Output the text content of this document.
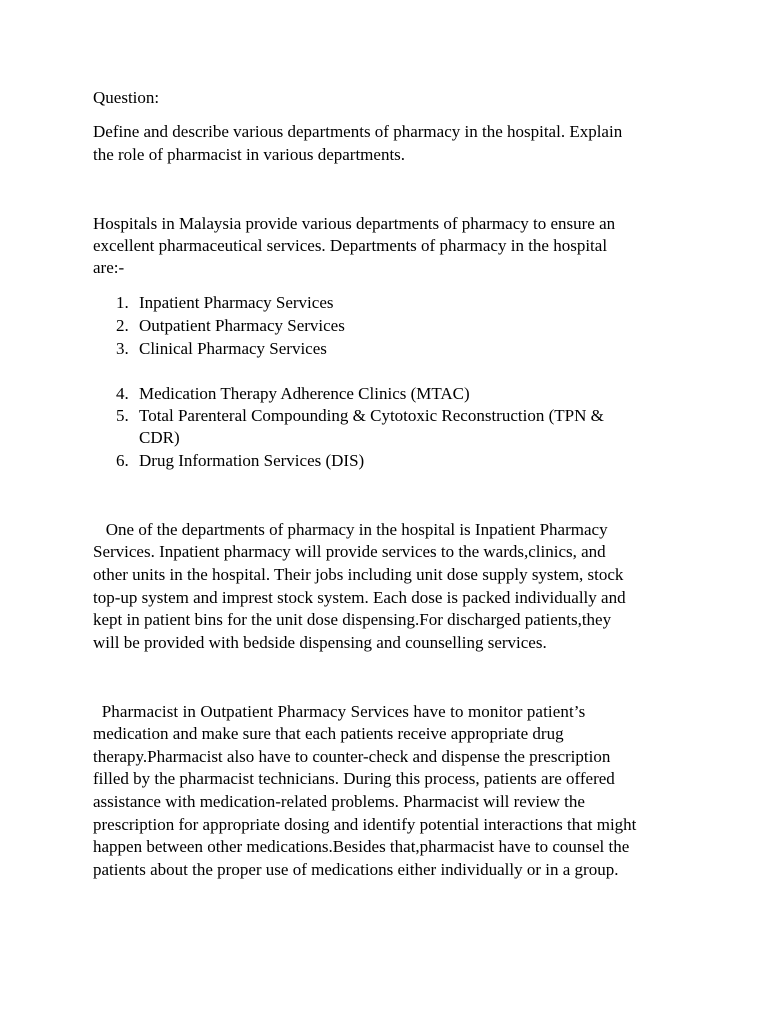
Question:
Define and describe various departments of pharmacy in the hospital. Explain
the role of pharmacist in various departments.
Hospitals in Malaysia provide various departments of pharmacy to ensure an
excellent pharmaceutical services. Departments of pharmacy in the hospital
are:-
1. Inpatient Pharmacy Services
2. Outpatient Pharmacy Services
3. Clinical Pharmacy Services
4. Medication Therapy Adherence Clinics (MTAC)
5. Total Parenteral Compounding & Cytotoxic Reconstruction (TPN &
CDR)
6. Drug Information Services (DIS)
One of the departments of pharmacy in the hospital is Inpatient Pharmacy
Services. Inpatient pharmacy will provide services to the wards,clinics, and
other units in the hospital. Their jobs including unit dose supply system, stock
top-up system and imprest stock system. Each dose is packed individually and
kept in patient bins for the unit dose dispensing.For discharged patients,they
will be provided with bedside dispensing and counselling services.
Pharmacist in Outpatient Pharmacy Services have to monitor patient’s
medication and make sure that each patients receive appropriate drug
therapy.Pharmacist also have to counter-check and dispense the prescription
filled by the pharmacist technicians. During this process, patients are offered
assistance with medication-related problems. Pharmacist will review the
prescription for appropriate dosing and identify potential interactions that might
happen between other medications.Besides that,pharmacist have to counsel the
patients about the proper use of medications either individually or in a group.
